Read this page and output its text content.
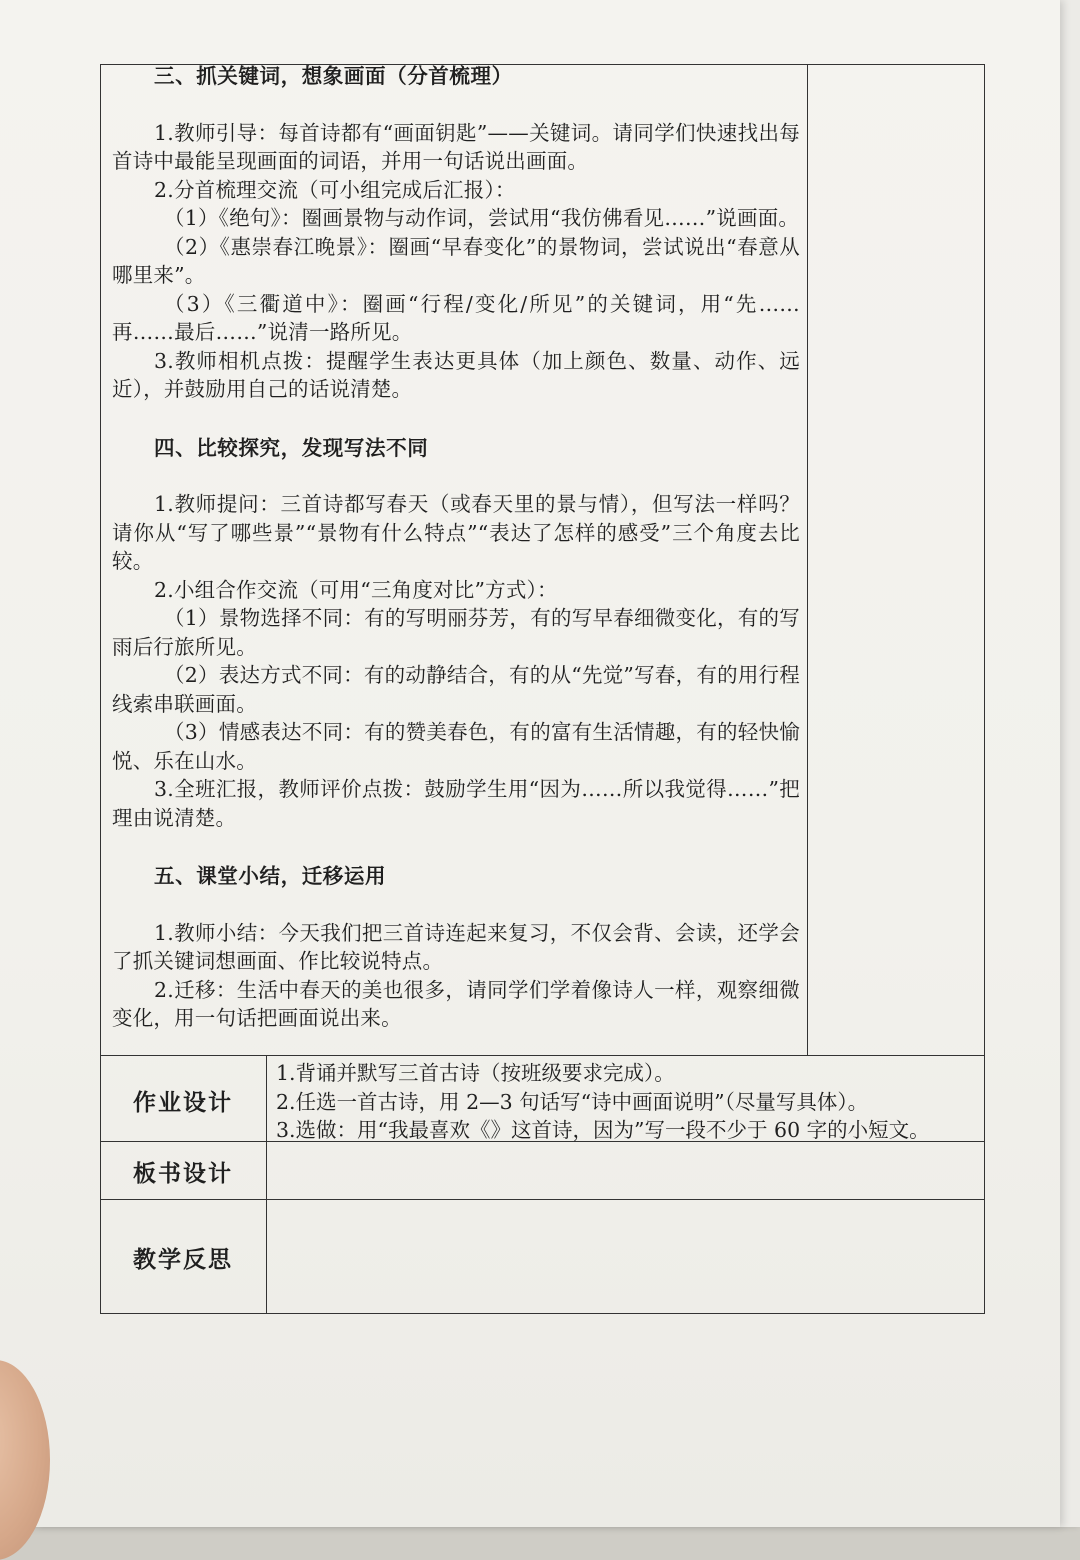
三、抓关键词，想象画面（分首梳理）

1.教师引导：每首诗都有“画面钥匙”——关键词。请同学们快速找出每首诗中最能呈现画面的词语，并用一句话说出画面。

2.分首梳理交流（可小组完成后汇报）：

（1）《绝句》：圈画景物与动作词，尝试用“我仿佛看见……”说画面。

（2）《惠崇春江晚景》：圈画“早春变化”的景物词，尝试说出“春意从哪里来”。

（3）《三衢道中》：圈画“行程/变化/所见”的关键词，用“先……再……最后……”说清一路所见。

3.教师相机点拨：提醒学生表达更具体（加上颜色、数量、动作、远近），并鼓励用自己的话说清楚。

四、比较探究，发现写法不同

1.教师提问：三首诗都写春天（或春天里的景与情），但写法一样吗？请你从“写了哪些景”“景物有什么特点”“表达了怎样的感受”三个角度去比较。

2.小组合作交流（可用“三角度对比”方式）：

（1）景物选择不同：有的写明丽芬芳，有的写早春细微变化，有的写雨后行旅所见。

（2）表达方式不同：有的动静结合，有的从“先觉”写春，有的用行程线索串联画面。

（3）情感表达不同：有的赞美春色，有的富有生活情趣，有的轻快愉悦、乐在山水。

3.全班汇报，教师评价点拨：鼓励学生用“因为……所以我觉得……”把理由说清楚。

五、课堂小结，迁移运用

1.教师小结：今天我们把三首诗连起来复习，不仅会背、会读，还学会了抓关键词想画面、作比较说特点。

2.迁移：生活中春天的美也很多，请同学们学着像诗人一样，观察细微变化，用一句话把画面说出来。

作业设计

1.背诵并默写三首古诗（按班级要求完成）。

2.任选一首古诗，用 2—3 句话写“诗中画面说明”（尽量写具体）。

3.选做：用“我最喜欢《》这首诗，因为”写一段不少于 60 字的小短文。

板书设计
教学反思
